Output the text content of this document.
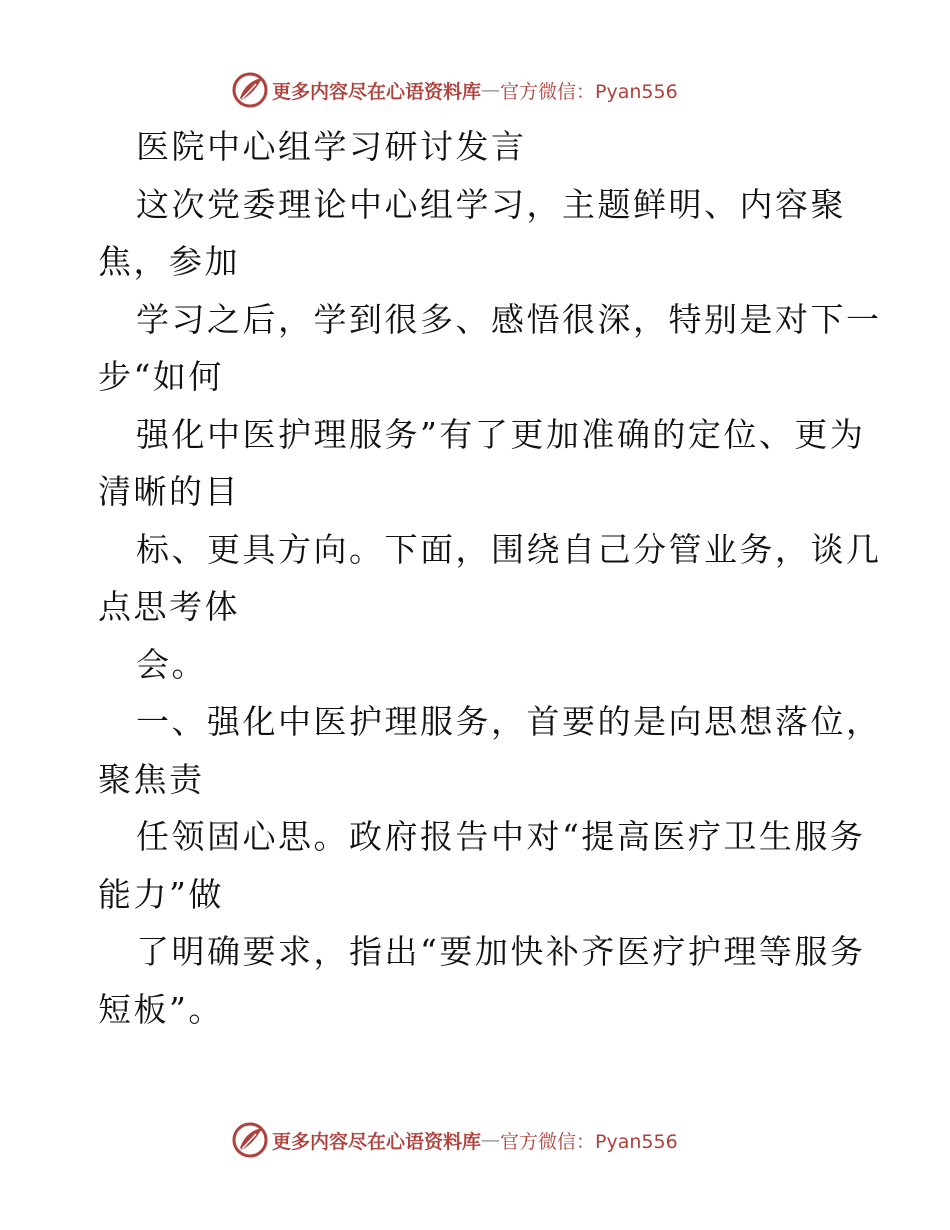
更多内容尽在心语资料库 — 官方微信：Pyan556
医院中心组学习研讨发言
这次党委理论中心组学习，主题鲜明、内容聚
焦，参加
学习之后，学到很多、感悟很深，特别是对下一
步“如何
强化中医护理服务”有了更加准确的定位、更为
清晰的目
标、更具方向。下面，围绕自己分管业务，谈几
点思考体
会。
一、强化中医护理服务，首要的是向思想落位，
聚焦责
任领固心思。政府报告中对“提高医疗卫生服务
能力”做
了明确要求，指出“要加快补齐医疗护理等服务
短板”。
更多内容尽在心语资料库 — 官方微信：Pyan556
